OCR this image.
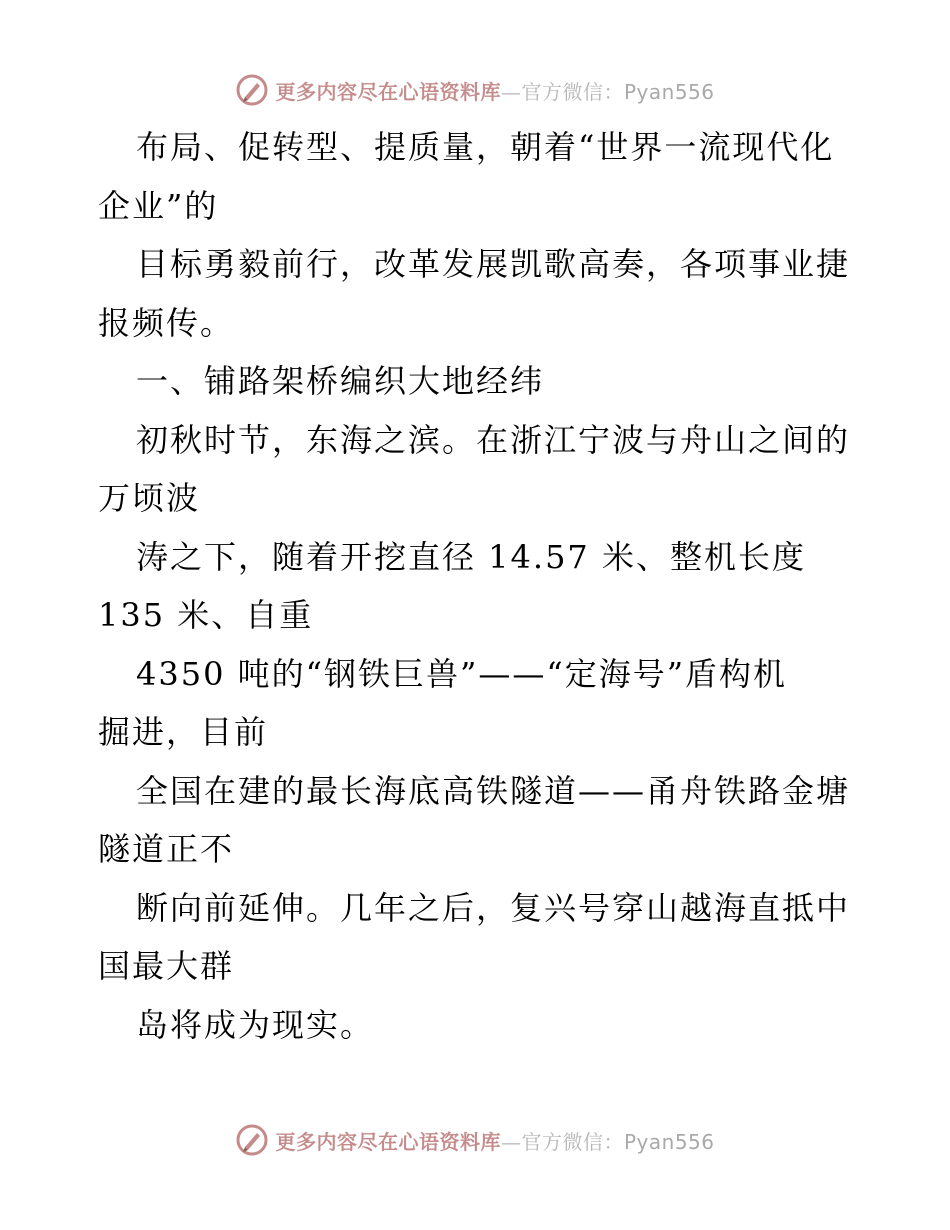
更多内容尽在心语资料库—官方微信：Pyan556
布局、促转型、提质量，朝着“世界一流现代化
企业”的
目标勇毅前行，改革发展凯歌高奏，各项事业捷
报频传。
一、铺路架桥编织大地经纬
初秋时节，东海之滨。在浙江宁波与舟山之间的
万顷波
涛之下，随着开挖直径 14.57 米、整机长度
135 米、自重
4350 吨的“钢铁巨兽”——“定海号”盾构机
掘进，目前
全国在建的最长海底高铁隧道——甬舟铁路金塘
隧道正不
断向前延伸。几年之后，复兴号穿山越海直抵中
国最大群
岛将成为现实。
更多内容尽在心语资料库—官方微信：Pyan556
